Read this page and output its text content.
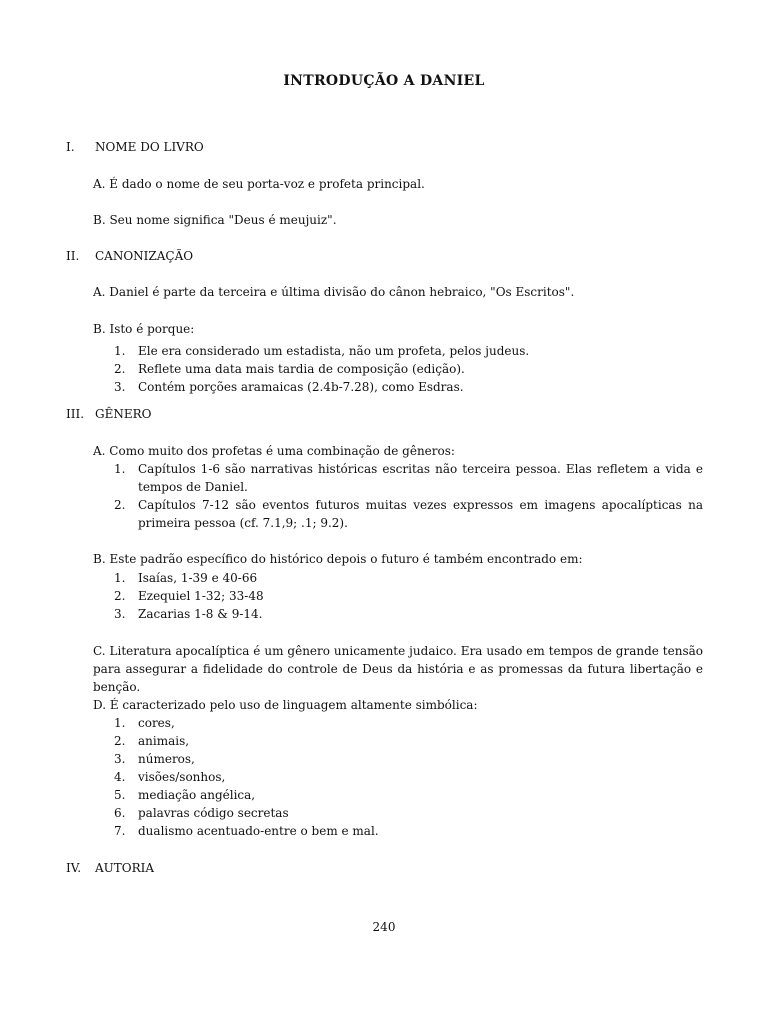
INTRODUÇÃO A DANIEL
I. NOME DO LIVRO
A. É dado o nome de seu porta-voz e profeta principal.
B. Seu nome significa "Deus é meujuiz".
II. CANONIZAÇÃO
A. Daniel é parte da terceira e última divisão do cânon hebraico, "Os Escritos".
B. Isto é porque:
1.	Ele era considerado um estadista, não um profeta, pelos judeus.
2.	Reflete uma data mais tardia de composição (edição).
3.	Contém porções aramaicas (2.4b-7.28), como Esdras.
III. GÊNERO
A. Como muito dos profetas é uma combinação de gêneros:
1.	Capítulos 1-6 são narrativas históricas escritas não terceira pessoa. Elas refletem a vida e tempos de Daniel.
2.	Capítulos 7-12 são eventos futuros muitas vezes expressos em imagens apocalípticas na primeira pessoa (cf. 7.1,9; .1; 9.2).
B. Este padrão específico do histórico depois o futuro é também encontrado em:
1.	Isaías, 1-39 e 40-66
2.	Ezequiel 1-32; 33-48
3.	Zacarias 1-8 & 9-14.
C. Literatura apocalíptica é um gênero unicamente judaico. Era usado em tempos de grande tensão para assegurar a fidelidade do controle de Deus da história e as promessas da futura libertação e benção.
D. É caracterizado pelo uso de linguagem altamente simbólica:
1.	cores,
2.	animais,
3.	números,
4.	visões/sonhos,
5.	mediação angélica,
6.	palavras código secretas
7.	dualismo acentuado-entre o bem e mal.
IV. AUTORIA
240
